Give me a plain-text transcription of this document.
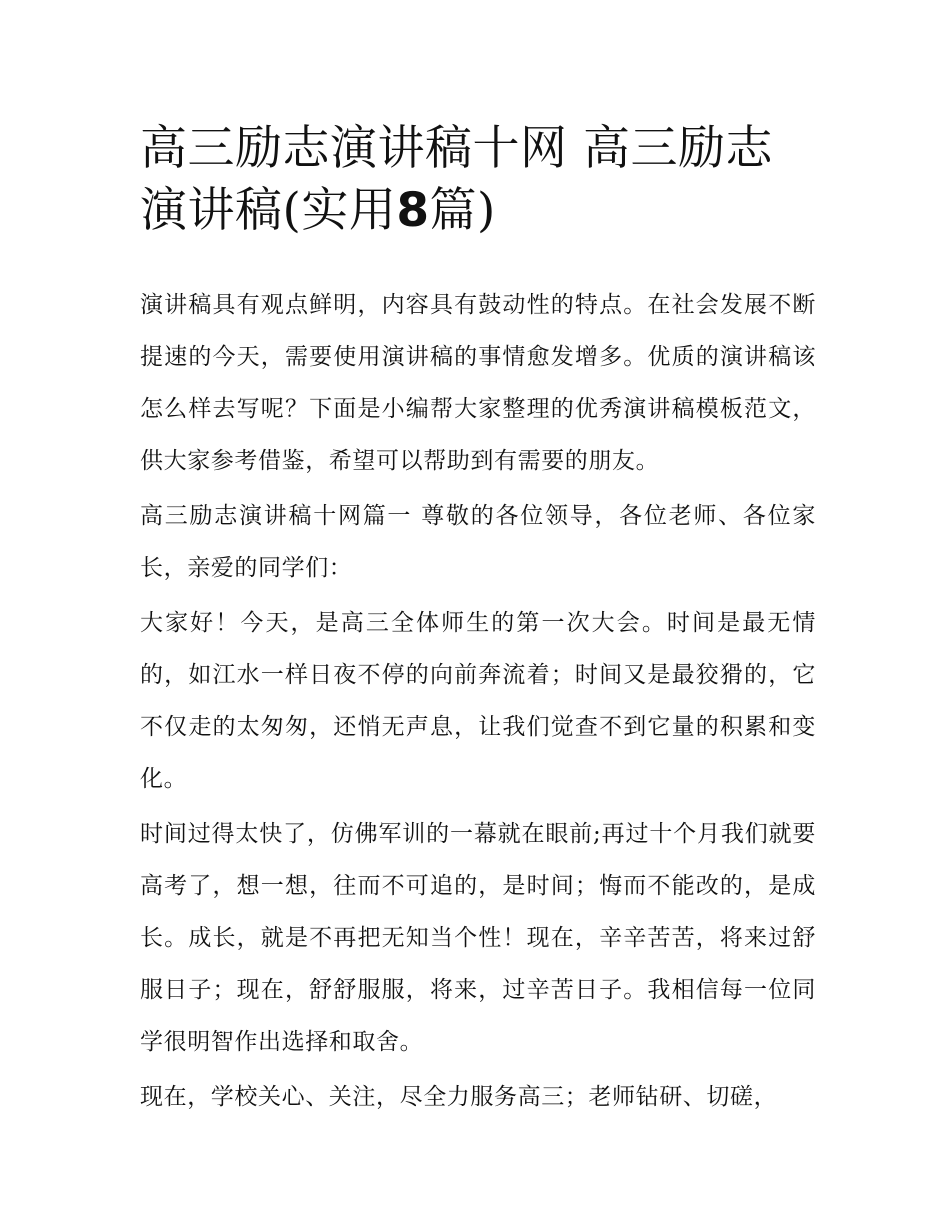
高三励志演讲稿十网 高三励志演讲稿(实用8篇)

演讲稿具有观点鲜明，内容具有鼓动性的特点。在社会发展不断提速的今天，需要使用演讲稿的事情愈发增多。优质的演讲稿该怎么样去写呢？下面是小编帮大家整理的优秀演讲稿模板范文，供大家参考借鉴，希望可以帮助到有需要的朋友。

高三励志演讲稿十网篇一 尊敬的各位领导，各位老师、各位家长，亲爱的同学们：

大家好！今天，是高三全体师生的第一次大会。时间是最无情的，如江水一样日夜不停的向前奔流着；时间又是最狡猾的，它不仅走的太匆匆，还悄无声息，让我们觉查不到它量的积累和变化。

时间过得太快了，仿佛军训的一幕就在眼前;再过十个月我们就要高考了，想一想，往而不可追的，是时间；悔而不能改的，是成长。成长，就是不再把无知当个性！现在，辛辛苦苦，将来过舒服日子；现在，舒舒服服，将来，过辛苦日子。我相信每一位同学很明智作出选择和取舍。

现在，学校关心、关注，尽全力服务高三；老师钻研、切磋，
